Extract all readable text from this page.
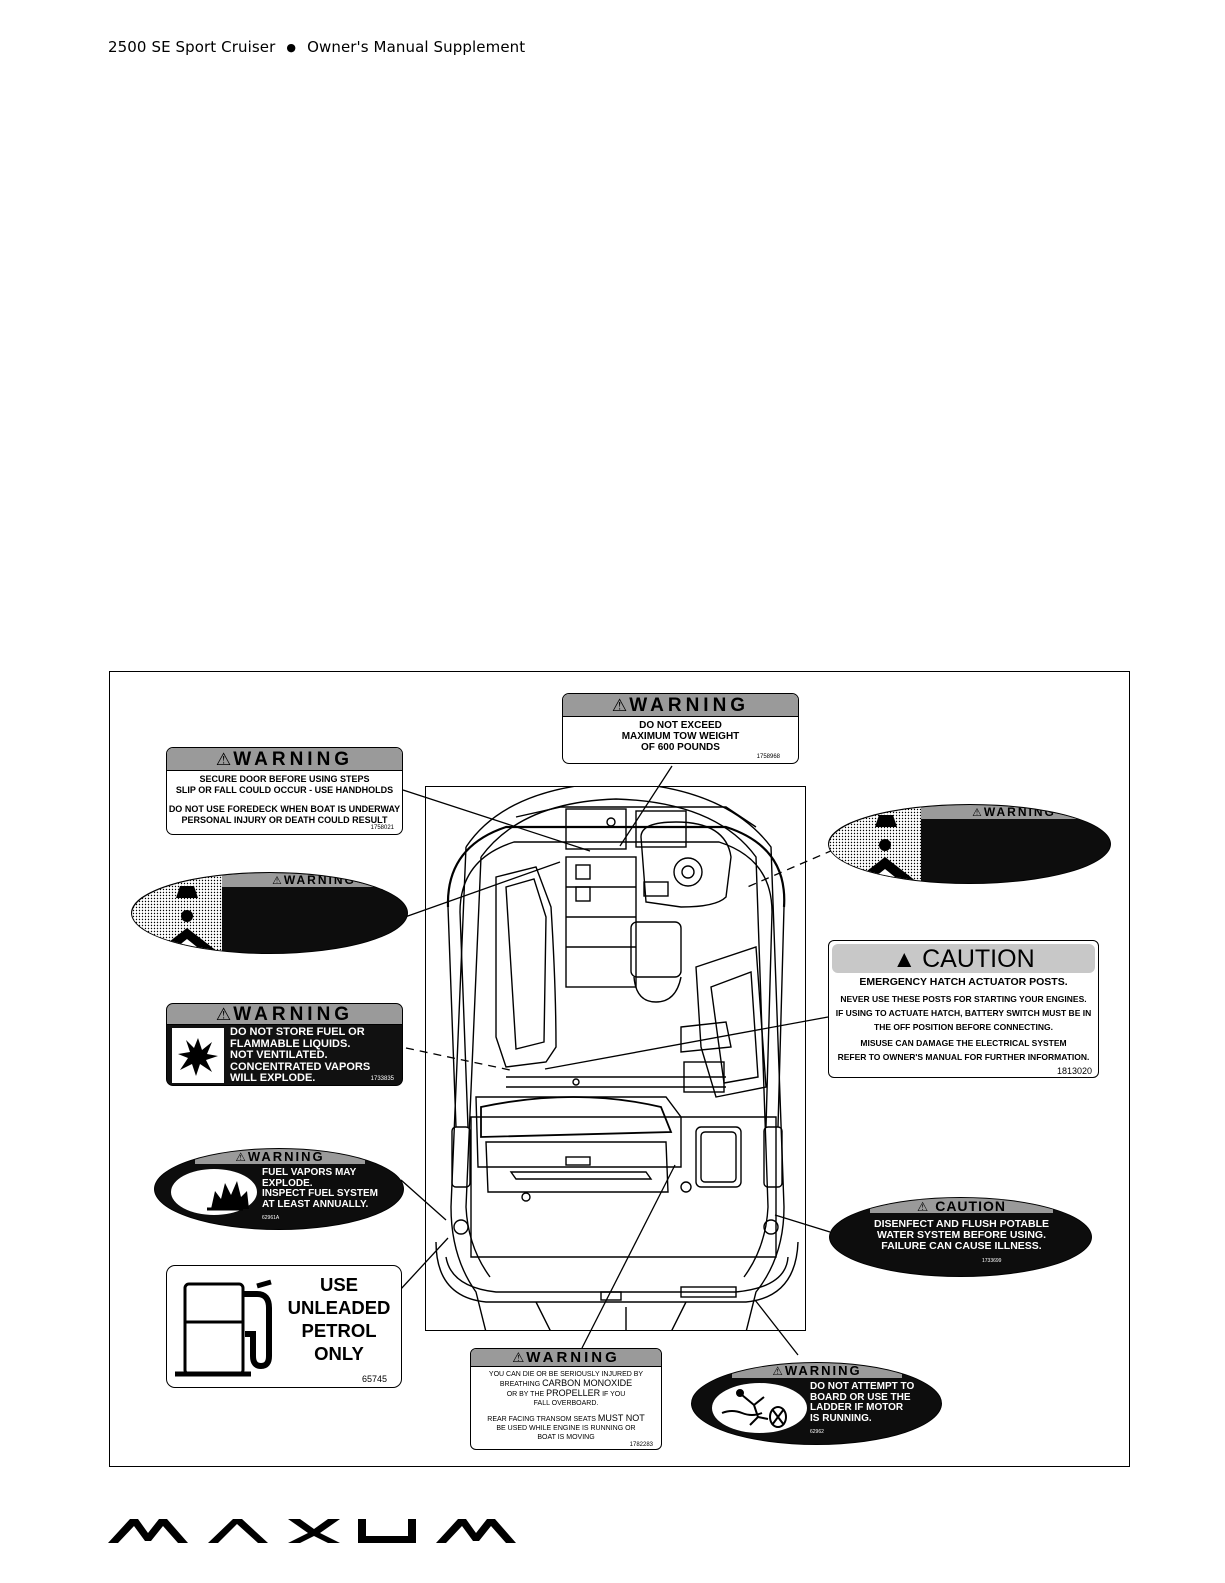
2500 SE Sport Cruiser ● Owner's Manual Supplement
⚠ WARNING
DO NOT EXCEED
MAXIMUM TOW WEIGHT
OF 600 POUNDS
1758968
⚠ WARNING
SECURE DOOR BEFORE USING STEPS
SLIP OR FALL COULD OCCUR - USE HANDHOLDS
DO NOT USE FOREDECK WHEN BOAT IS UNDERWAY
PERSONAL INJURY OR DEATH COULD RESULT
1758021
⚠ WARNING
⚠ WARNING
⚠ WARNING
DO NOT STORE FUEL OR
FLAMMABLE LIQUIDS.
NOT VENTILATED.
CONCENTRATED VAPORS
WILL EXPLODE.	1733835
▲ CAUTION
EMERGENCY HATCH ACTUATOR POSTS.
NEVER USE THESE POSTS FOR STARTING YOUR ENGINES.
IF USING TO ACTUATE HATCH, BATTERY SWITCH MUST BE IN
THE OFF POSITION BEFORE CONNECTING.
MISUSE CAN DAMAGE THE ELECTRICAL SYSTEM
REFER TO OWNER'S MANUAL FOR FURTHER INFORMATION.
1813020
⚠ WARNING
FUEL VAPORS MAY
EXPLODE.
INSPECT FUEL SYSTEM
AT LEAST ANNUALLY.
62961A
⚠ CAUTION
DISENFECT AND FLUSH POTABLE
WATER SYSTEM BEFORE USING.
FAILURE CAN CAUSE ILLNESS.
1733699
USE
UNLEADED
PETROL
ONLY
65745
⚠ WARNING
YOU CAN DIE OR BE SERIOUSLY INJURED BY
BREATHING CARBON MONOXIDE
OR BY THE PROPELLER IF YOU
FALL OVERBOARD.
REAR FACING TRANSOM SEATS MUST NOT
BE USED WHILE ENGINE IS RUNNING OR
BOAT IS MOVING
1782283
⚠ WARNING
DO NOT ATTEMPT TO
BOARD OR USE THE
LADDER IF MOTOR
IS RUNNING.
62962
